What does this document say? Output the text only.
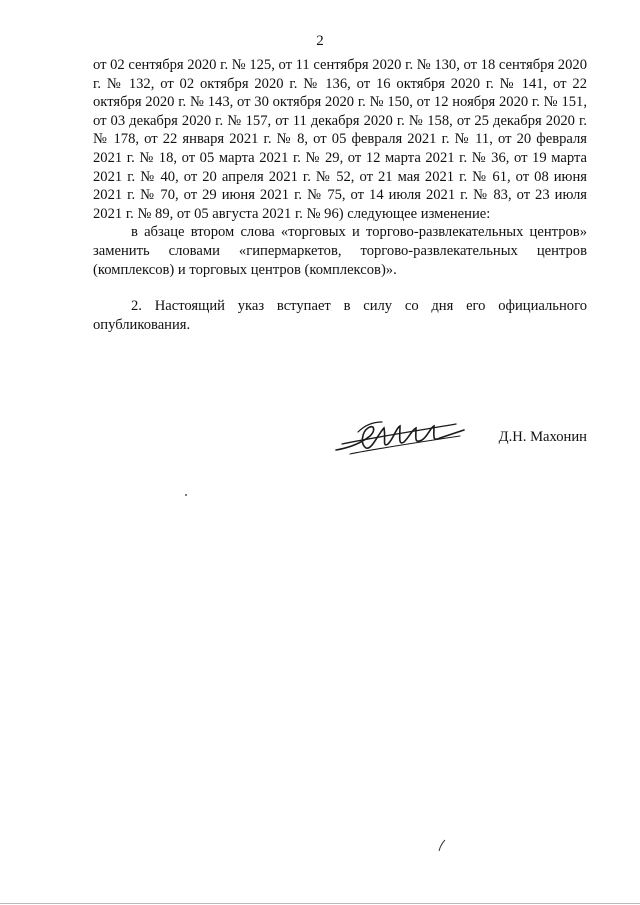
2

от 02 сентября 2020 г. № 125, от 11 сентября 2020 г. № 130, от 18 сентября 2020 г. № 132, от 02 октября 2020 г. № 136, от 16 октября 2020 г. № 141, от 22 октября 2020 г. № 143, от 30 октября 2020 г. № 150, от 12 ноября 2020 г. № 151, от 03 декабря 2020 г. № 157, от 11 декабря 2020 г. № 158, от 25 декабря 2020 г. № 178, от 22 января 2021 г. № 8, от 05 февраля 2021 г. № 11, от 20 февраля 2021 г. № 18, от 05 марта 2021 г. № 29, от 12 марта 2021 г. № 36, от 19 марта 2021 г. № 40, от 20 апреля 2021 г. № 52, от 21 мая 2021 г. № 61, от 08 июня 2021 г. № 70, от 29 июня 2021 г. № 75, от 14 июля 2021 г. № 83, от 23 июля 2021 г. № 89, от 05 августа 2021 г. № 96) следующее изменение:

в абзаце втором слова «торговых и торгово-развлекательных центров» заменить словами «гипермаркетов, торгово-развлекательных центров (комплексов) и торговых центров (комплексов)».

2. Настоящий указ вступает в силу со дня его официального опубликования.

Д.Н. Махонин
